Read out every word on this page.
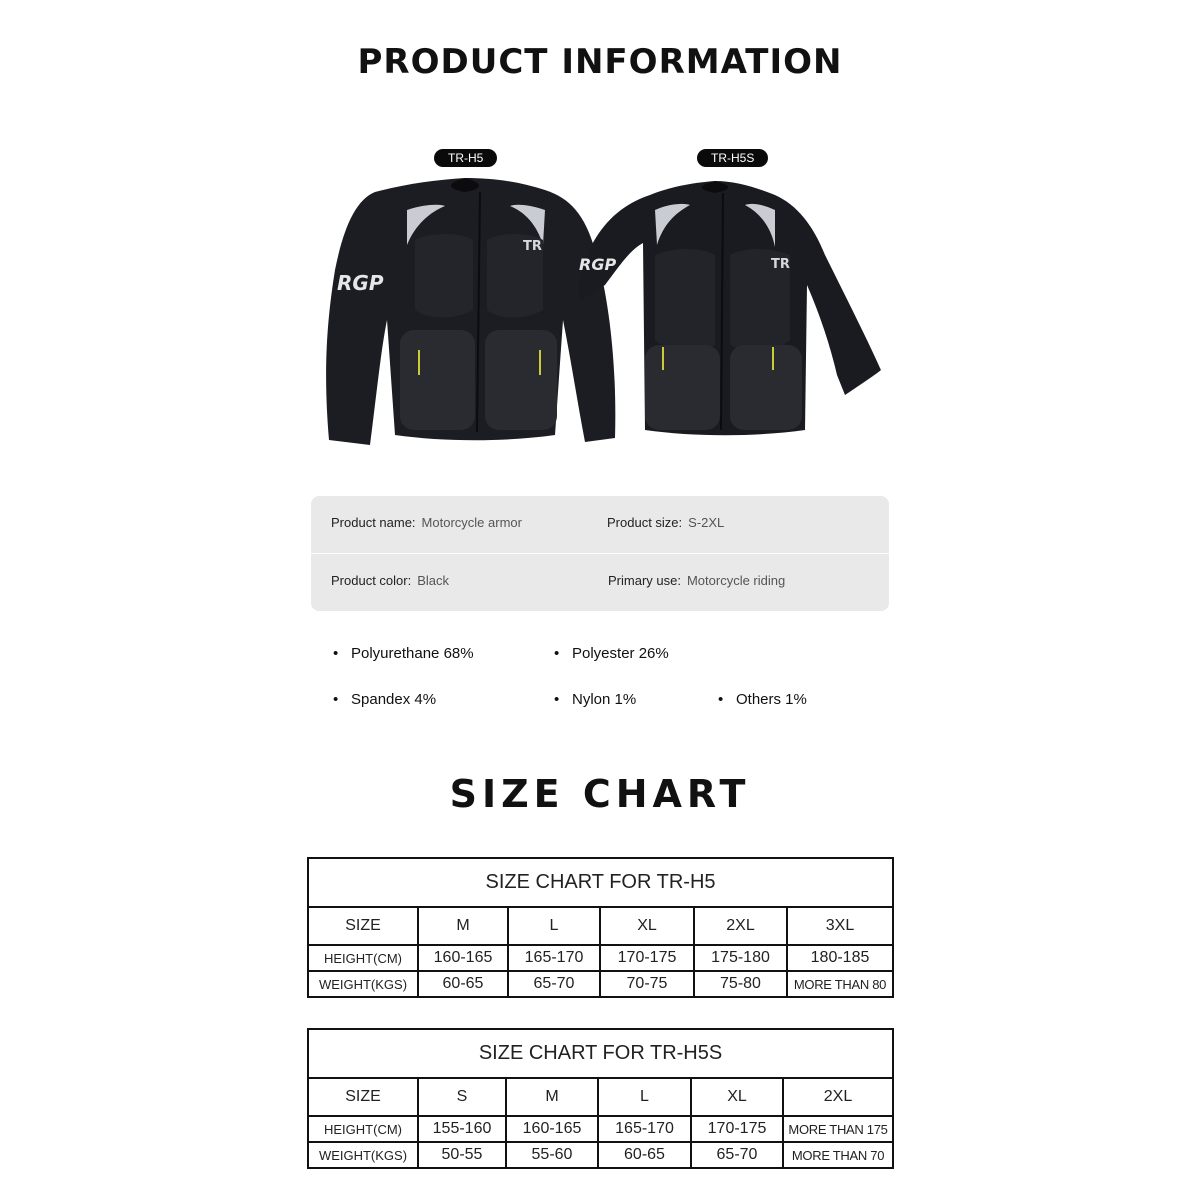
PRODUCT INFORMATION
TR-H5	TR-H5S
TR
RGP
TR
RGP
Product name: Motorcycle armor	Product size: S-2XL
Product color: Black	Primary use: Motorcycle riding
• Polyurethane 68%	• Polyester 26%
• Spandex 4%	• Nylon 1%	• Others 1%
SIZE CHART
SIZE CHART FOR TR-H5					
SIZE	M	L	XL	2XL	3XL
HEIGHT(CM)	160-165	165-170	170-175	175-180	180-185
WEIGHT(KGS)	60-65	65-70	70-75	75-80	MORE THAN 80
SIZE CHART FOR TR-H5S					
SIZE	S	M	L	XL	2XL
HEIGHT(CM)	155-160	160-165	165-170	170-175	MORE THAN 175
WEIGHT(KGS)	50-55	55-60	60-65	65-70	MORE THAN 70
